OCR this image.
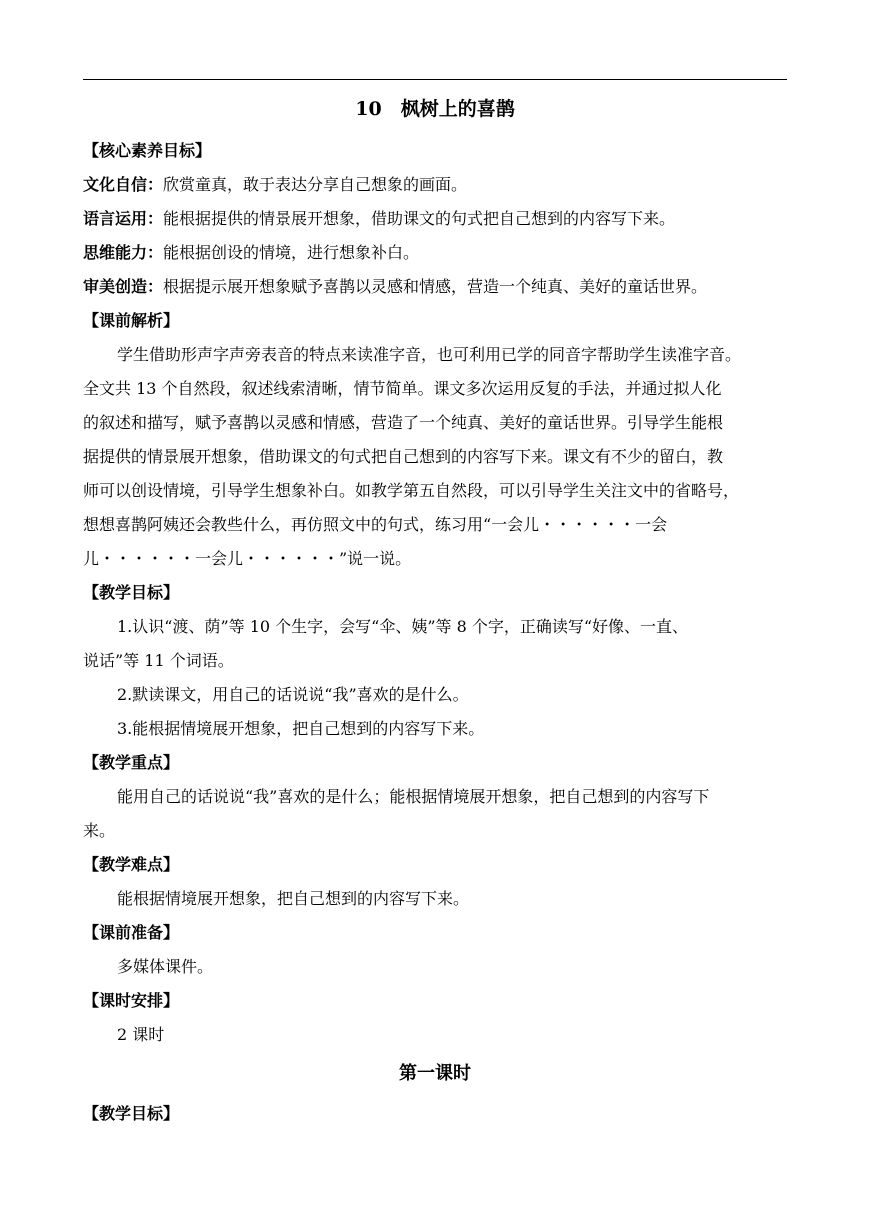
10　枫树上的喜鹊
【核心素养目标】
文化自信：欣赏童真，敢于表达分享自己想象的画面。
语言运用：能根据提供的情景展开想象，借助课文的句式把自己想到的内容写下来。
思维能力：能根据创设的情境，进行想象补白。
审美创造：根据提示展开想象赋予喜鹊以灵感和情感，营造一个纯真、美好的童话世界。
【课前解析】
学生借助形声字声旁表音的特点来读准字音，也可利用已学的同音字帮助学生读准字音。
全文共 13 个自然段，叙述线索清晰，情节简单。课文多次运用反复的手法，并通过拟人化
的叙述和描写，赋予喜鹊以灵感和情感，营造了一个纯真、美好的童话世界。引导学生能根
据提供的情景展开想象，借助课文的句式把自己想到的内容写下来。课文有不少的留白，教
师可以创设情境，引导学生想象补白。如教学第五自然段，可以引导学生关注文中的省略号，
想想喜鹊阿姨还会教些什么，再仿照文中的句式，练习用“一会儿・・・・・・一会
儿・・・・・・一会儿・・・・・・”说一说。
【教学目标】
1.认识“渡、荫”等 10 个生字，会写“伞、姨”等 8 个字，正确读写“好像、一直、
说话”等 11 个词语。
2.默读课文，用自己的话说说“我”喜欢的是什么。
3.能根据情境展开想象，把自己想到的内容写下来。
【教学重点】
能用自己的话说说“我”喜欢的是什么；能根据情境展开想象，把自己想到的内容写下
来。
【教学难点】
能根据情境展开想象，把自己想到的内容写下来。
【课前准备】
多媒体课件。
【课时安排】
2 课时
第一课时
【教学目标】
